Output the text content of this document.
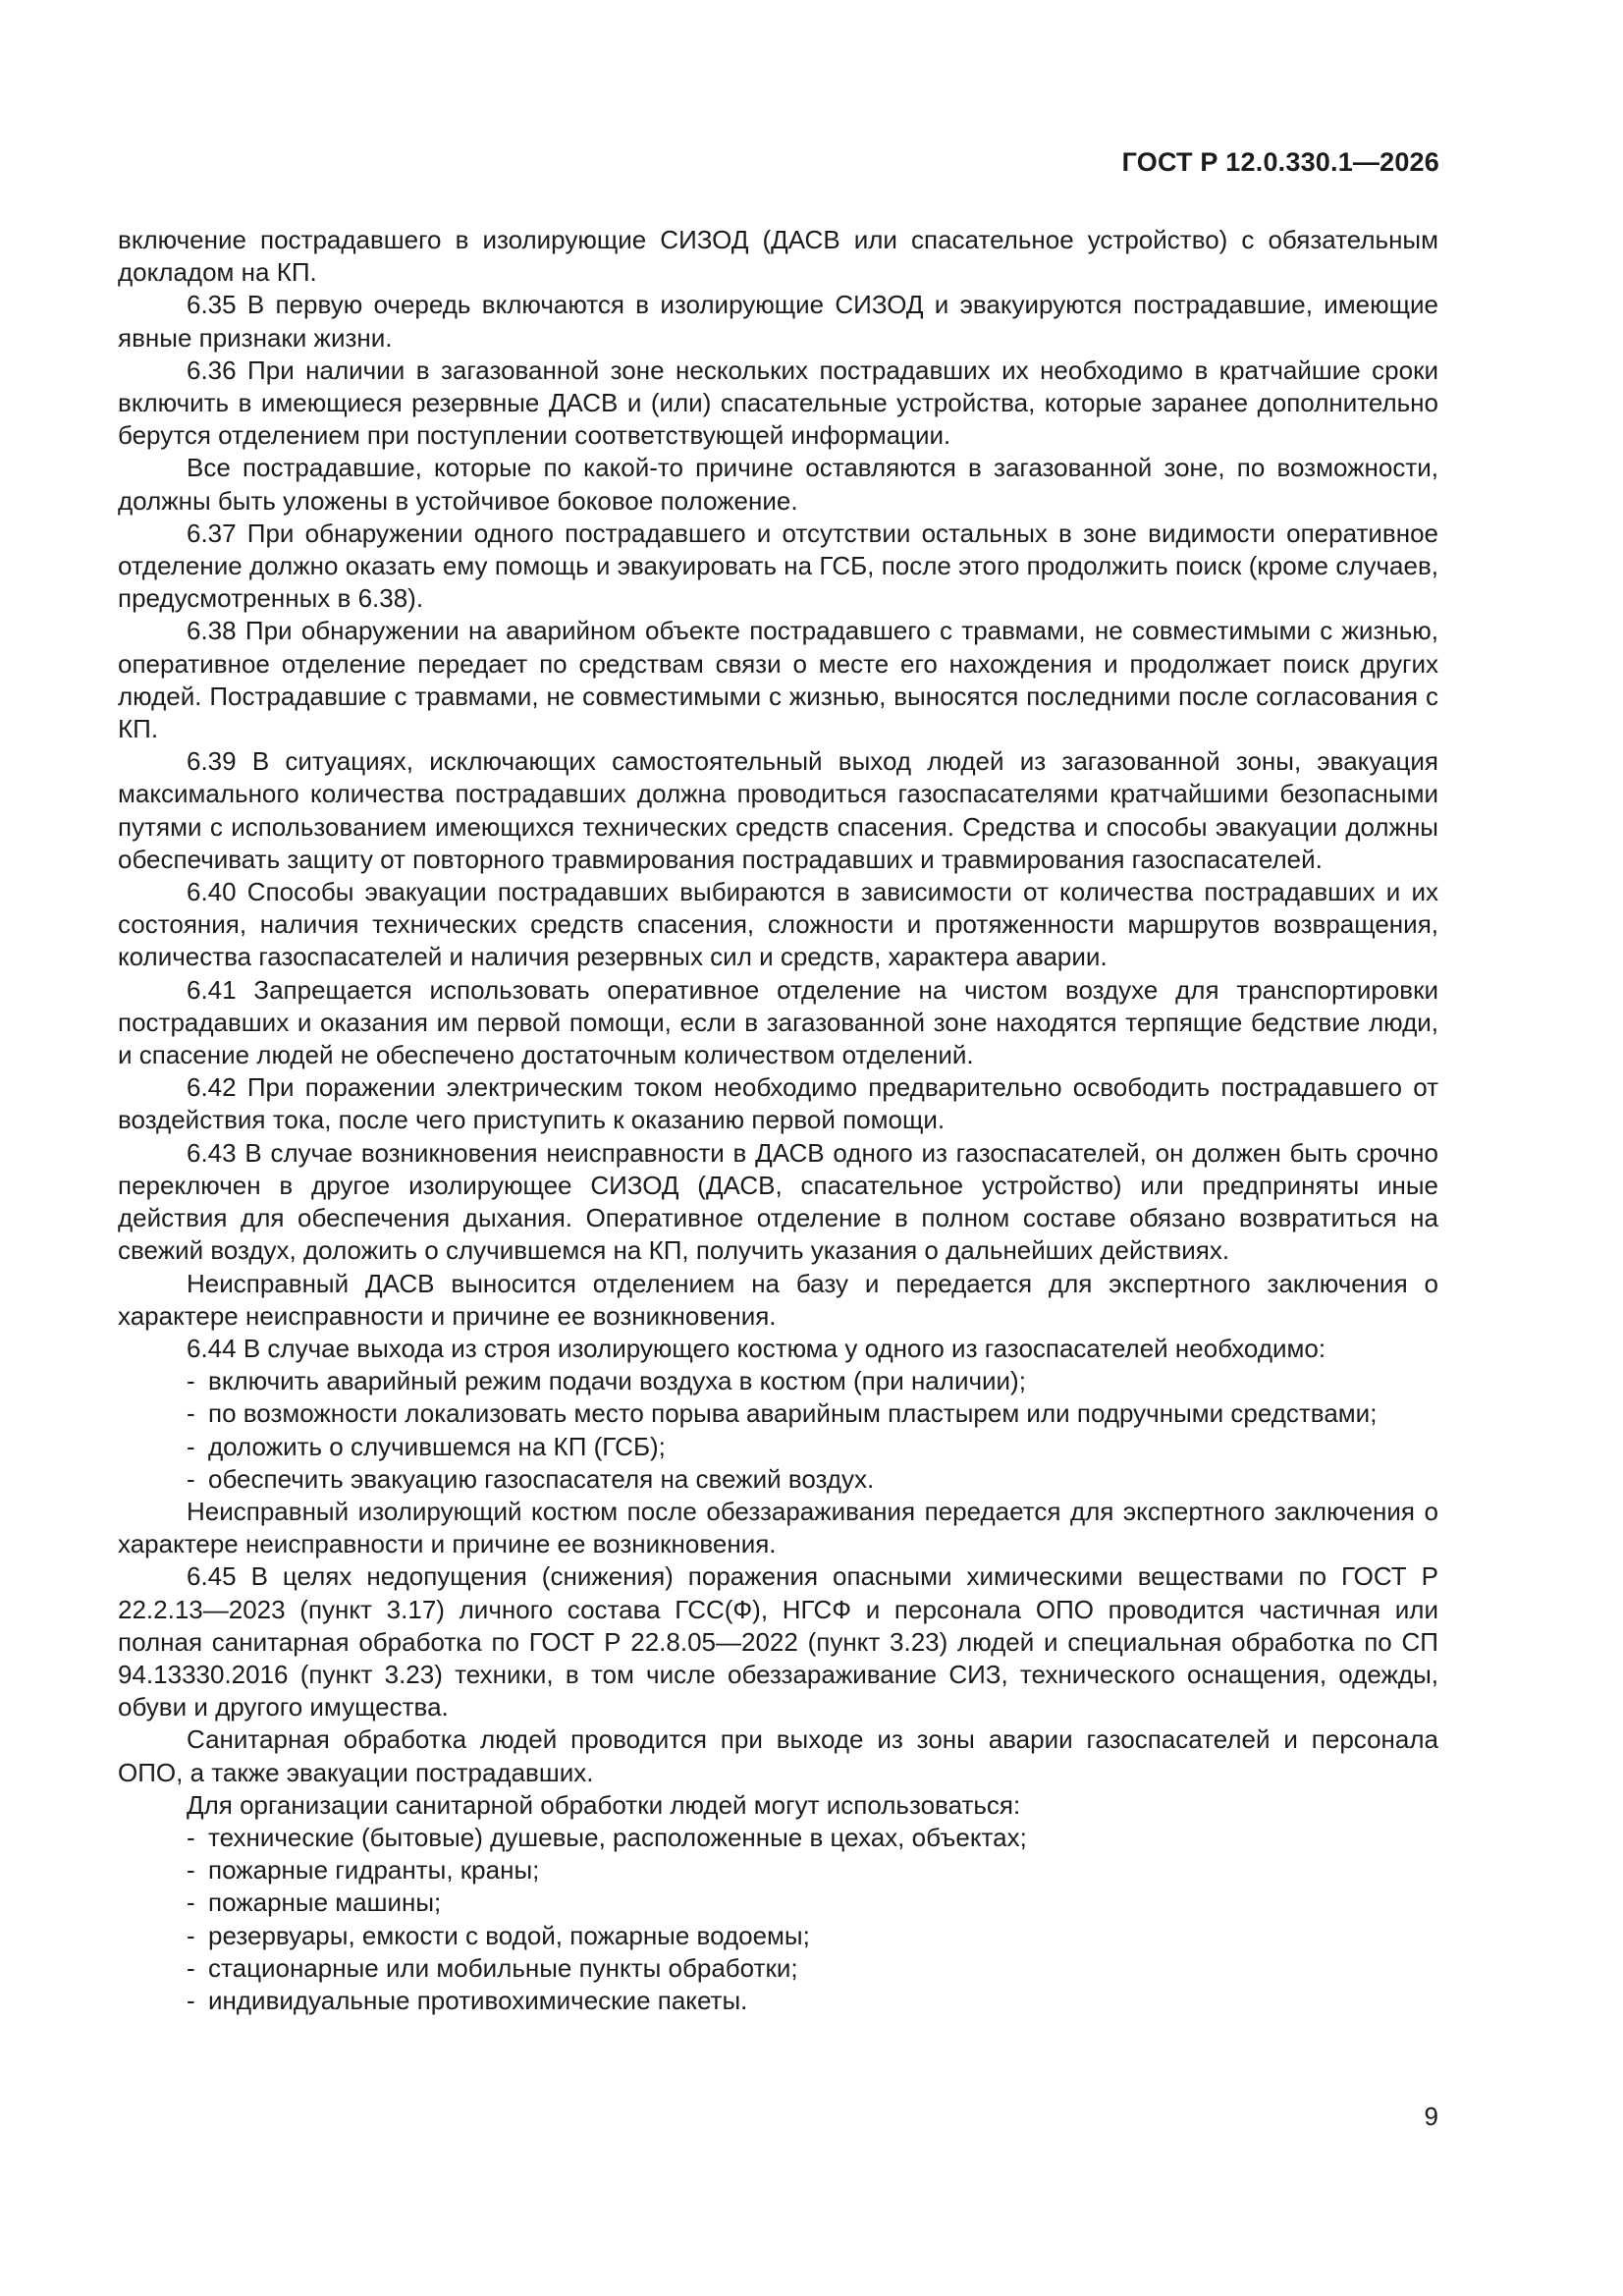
ГОСТ Р 12.0.330.1—2026

включение пострадавшего в изолирующие СИЗОД (ДАСВ или спасательное устройство) с обязательным докладом на КП.

6.35 В первую очередь включаются в изолирующие СИЗОД и эвакуируются пострадавшие, имеющие явные признаки жизни.

6.36 При наличии в загазованной зоне нескольких пострадавших их необходимо в кратчайшие сроки включить в имеющиеся резервные ДАСВ и (или) спасательные устройства, которые заранее дополнительно берутся отделением при поступлении соответствующей информации.

Все пострадавшие, которые по какой-то причине оставляются в загазованной зоне, по возможности, должны быть уложены в устойчивое боковое положение.

6.37 При обнаружении одного пострадавшего и отсутствии остальных в зоне видимости оперативное отделение должно оказать ему помощь и эвакуировать на ГСБ, после этого продолжить поиск (кроме случаев, предусмотренных в 6.38).

6.38 При обнаружении на аварийном объекте пострадавшего с травмами, не совместимыми с жизнью, оперативное отделение передает по средствам связи о месте его нахождения и продолжает поиск других людей. Пострадавшие с травмами, не совместимыми с жизнью, выносятся последними после согласования с КП.

6.39 В ситуациях, исключающих самостоятельный выход людей из загазованной зоны, эвакуация максимального количества пострадавших должна проводиться газоспасателями кратчайшими безопасными путями с использованием имеющихся технических средств спасения. Средства и способы эвакуации должны обеспечивать защиту от повторного травмирования пострадавших и травмирования газоспасателей.

6.40 Способы эвакуации пострадавших выбираются в зависимости от количества пострадавших и их состояния, наличия технических средств спасения, сложности и протяженности маршрутов возвращения, количества газоспасателей и наличия резервных сил и средств, характера аварии.

6.41 Запрещается использовать оперативное отделение на чистом воздухе для транспортировки пострадавших и оказания им первой помощи, если в загазованной зоне находятся терпящие бедствие люди, и спасение людей не обеспечено достаточным количеством отделений.

6.42 При поражении электрическим током необходимо предварительно освободить пострадавшего от воздействия тока, после чего приступить к оказанию первой помощи.

6.43 В случае возникновения неисправности в ДАСВ одного из газоспасателей, он должен быть срочно переключен в другое изолирующее СИЗОД (ДАСВ, спасательное устройство) или предприняты иные действия для обеспечения дыхания. Оперативное отделение в полном составе обязано возвратиться на свежий воздух, доложить о случившемся на КП, получить указания о дальнейших действиях.

Неисправный ДАСВ выносится отделением на базу и передается для экспертного заключения о характере неисправности и причине ее возникновения.

6.44 В случае выхода из строя изолирующего костюма у одного из газоспасателей необходимо:

- включить аварийный режим подачи воздуха в костюм (при наличии);
- по возможности локализовать место порыва аварийным пластырем или подручными средствами;
- доложить о случившемся на КП (ГСБ);
- обеспечить эвакуацию газоспасателя на свежий воздух.

Неисправный изолирующий костюм после обеззараживания передается для экспертного заключения о характере неисправности и причине ее возникновения.

6.45 В целях недопущения (снижения) поражения опасными химическими веществами по ГОСТ Р 22.2.13—2023 (пункт 3.17) личного состава ГСС(Ф), НГСФ и персонала ОПО проводится частичная или полная санитарная обработка по ГОСТ Р 22.8.05—2022 (пункт 3.23) людей и специальная обработка по СП 94.13330.2016 (пункт 3.23) техники, в том числе обеззараживание СИЗ, технического оснащения, одежды, обуви и другого имущества.

Санитарная обработка людей проводится при выходе из зоны аварии газоспасателей и персонала ОПО, а также эвакуации пострадавших.

Для организации санитарной обработки людей могут использоваться:

- технические (бытовые) душевые, расположенные в цехах, объектах;
- пожарные гидранты, краны;
- пожарные машины;
- резервуары, емкости с водой, пожарные водоемы;
- стационарные или мобильные пункты обработки;
- индивидуальные противохимические пакеты.
9
